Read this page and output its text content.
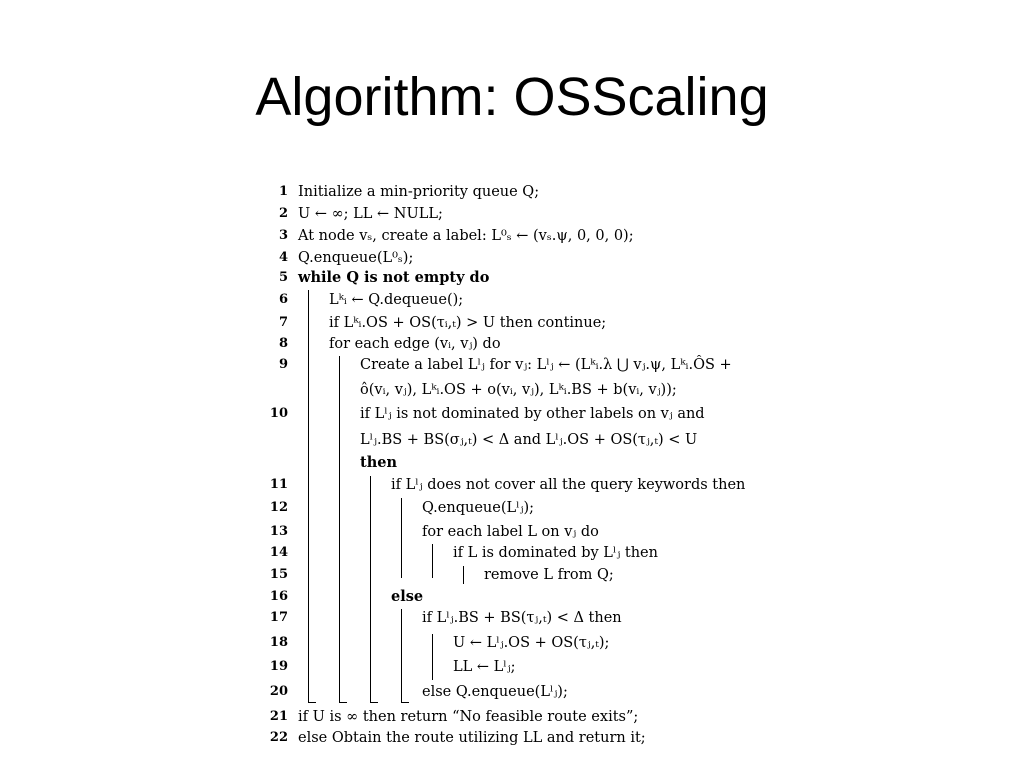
Algorithm: OSScaling
1
2
3
4
5
6
7
8
9
10
11
12
13
14
15
16
17
18
19
20
21
22
Initialize a min-priority queue Q;
U ← ∞; LL ← NULL;
At node vₛ, create a label: L⁰ₛ ← (vₛ.ψ, 0, 0, 0);
Q.enqueue(L⁰ₛ);
while Q is not empty do
Lᵏᵢ ← Q.dequeue();
if Lᵏᵢ.OS + OS(τᵢ,ₜ) > U then continue;
for each edge (vᵢ, vⱼ) do
Create a label Lˡⱼ for vⱼ: Lˡⱼ ← (Lᵏᵢ.λ ⋃ vⱼ.ψ, Lᵏᵢ.ÔS +
ô(vᵢ, vⱼ), Lᵏᵢ.OS + o(vᵢ, vⱼ), Lᵏᵢ.BS + b(vᵢ, vⱼ));
if Lˡⱼ is not dominated by other labels on vⱼ and
Lˡⱼ.BS + BS(σⱼ,ₜ) < Δ and Lˡⱼ.OS + OS(τⱼ,ₜ) < U
then
if Lˡⱼ does not cover all the query keywords then
Q.enqueue(Lˡⱼ);
for each label L on vⱼ do
if L is dominated by Lˡⱼ then
remove L from Q;
else
if Lˡⱼ.BS + BS(τⱼ,ₜ) < Δ then
U ← Lˡⱼ.OS + OS(τⱼ,ₜ);
LL ← Lˡⱼ;
else Q.enqueue(Lˡⱼ);
if U is ∞ then return “No feasible route exits”;
else Obtain the route utilizing LL and return it;
